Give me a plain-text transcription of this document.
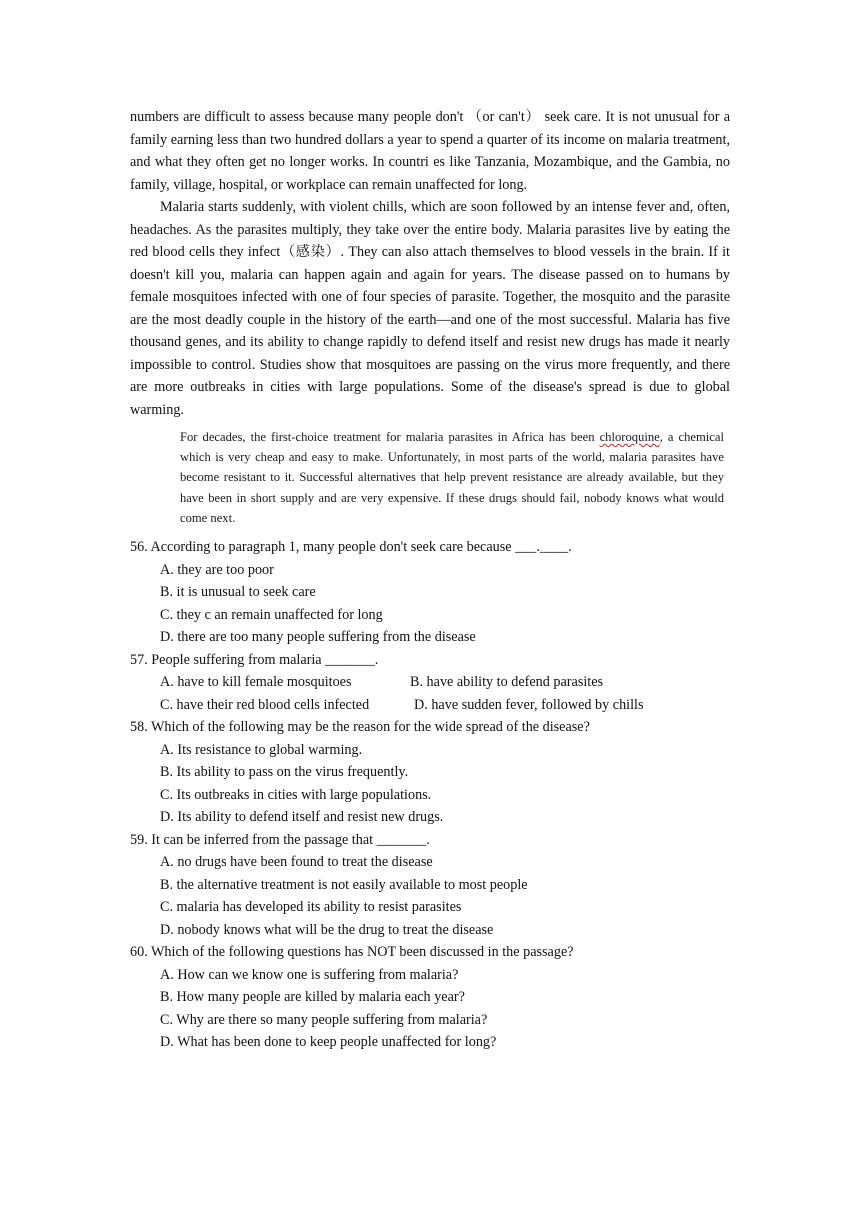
numbers are difficult to assess because many people don't （or can't） seek care. It is not unusual for a family earning less than two hundred dollars a year to spend a quarter of its income on malaria treatment, and what they often get no longer works. In countri es like Tanzania, Mozambique, and the Gambia, no family, village, hospital, or workplace can remain unaffected for long.

Malaria starts suddenly, with violent chills, which are soon followed by an intense fever and, often, headaches. As the parasites multiply, they take over the entire body. Malaria parasites live by eating the red blood cells they infect（感染）. They can also attach themselves to blood vessels in the brain. If it doesn't kill you, malaria can happen again and again for years. The disease passed on to humans by female mosquitoes infected with one of four species of parasite. Together, the mosquito and the parasite are the most deadly couple in the history of the earth—and one of the most successful. Malaria has five thousand genes, and its ability to change rapidly to defend itself and resist new drugs has made it nearly impossible to control. Studies show that mosquitoes are passing on the virus more frequently, and there are more outbreaks in cities with large populations. Some of the disease's spread is due to global warming.

For decades, the first-choice treatment for malaria parasites in Africa has been chloroquine, a chemical which is very cheap and easy to make. Unfortunately, in most parts of the world, malaria parasites have become resistant to it. Successful alternatives that help prevent resistance are already available, but they have been in short supply and are very expensive. If these drugs should fail, nobody knows what would come next.

56. According to paragraph 1, many people don't seek care because ___.____.

A. they are too poor

B. it is unusual to seek care

C. they c an remain unaffected for long

D. there are too many people suffering from the disease

57. People suffering from malaria _______.

A. have to kill female mosquitoes	B. have ability to defend parasites
C. have their red blood cells infected	D. have sudden fever, followed by chills

58. Which of the following may be the reason for the wide spread of the disease?

A. Its resistance to global warming.

B. Its ability to pass on the virus frequently.

C. Its outbreaks in cities with large populations.

D. Its ability to defend itself and resist new drugs.

59. It can be inferred from the passage that _______.

A. no drugs have been found to treat the disease

B. the alternative treatment is not easily available to most people

C. malaria has developed its ability to resist parasites

D. nobody knows what will be the drug to treat the disease

60. Which of the following questions has NOT been discussed in the passage?

A. How can we know one is suffering from malaria?

B. How many people are killed by malaria each year?

C. Why are there so many people suffering from malaria?

D. What has been done to keep people unaffected for long?
